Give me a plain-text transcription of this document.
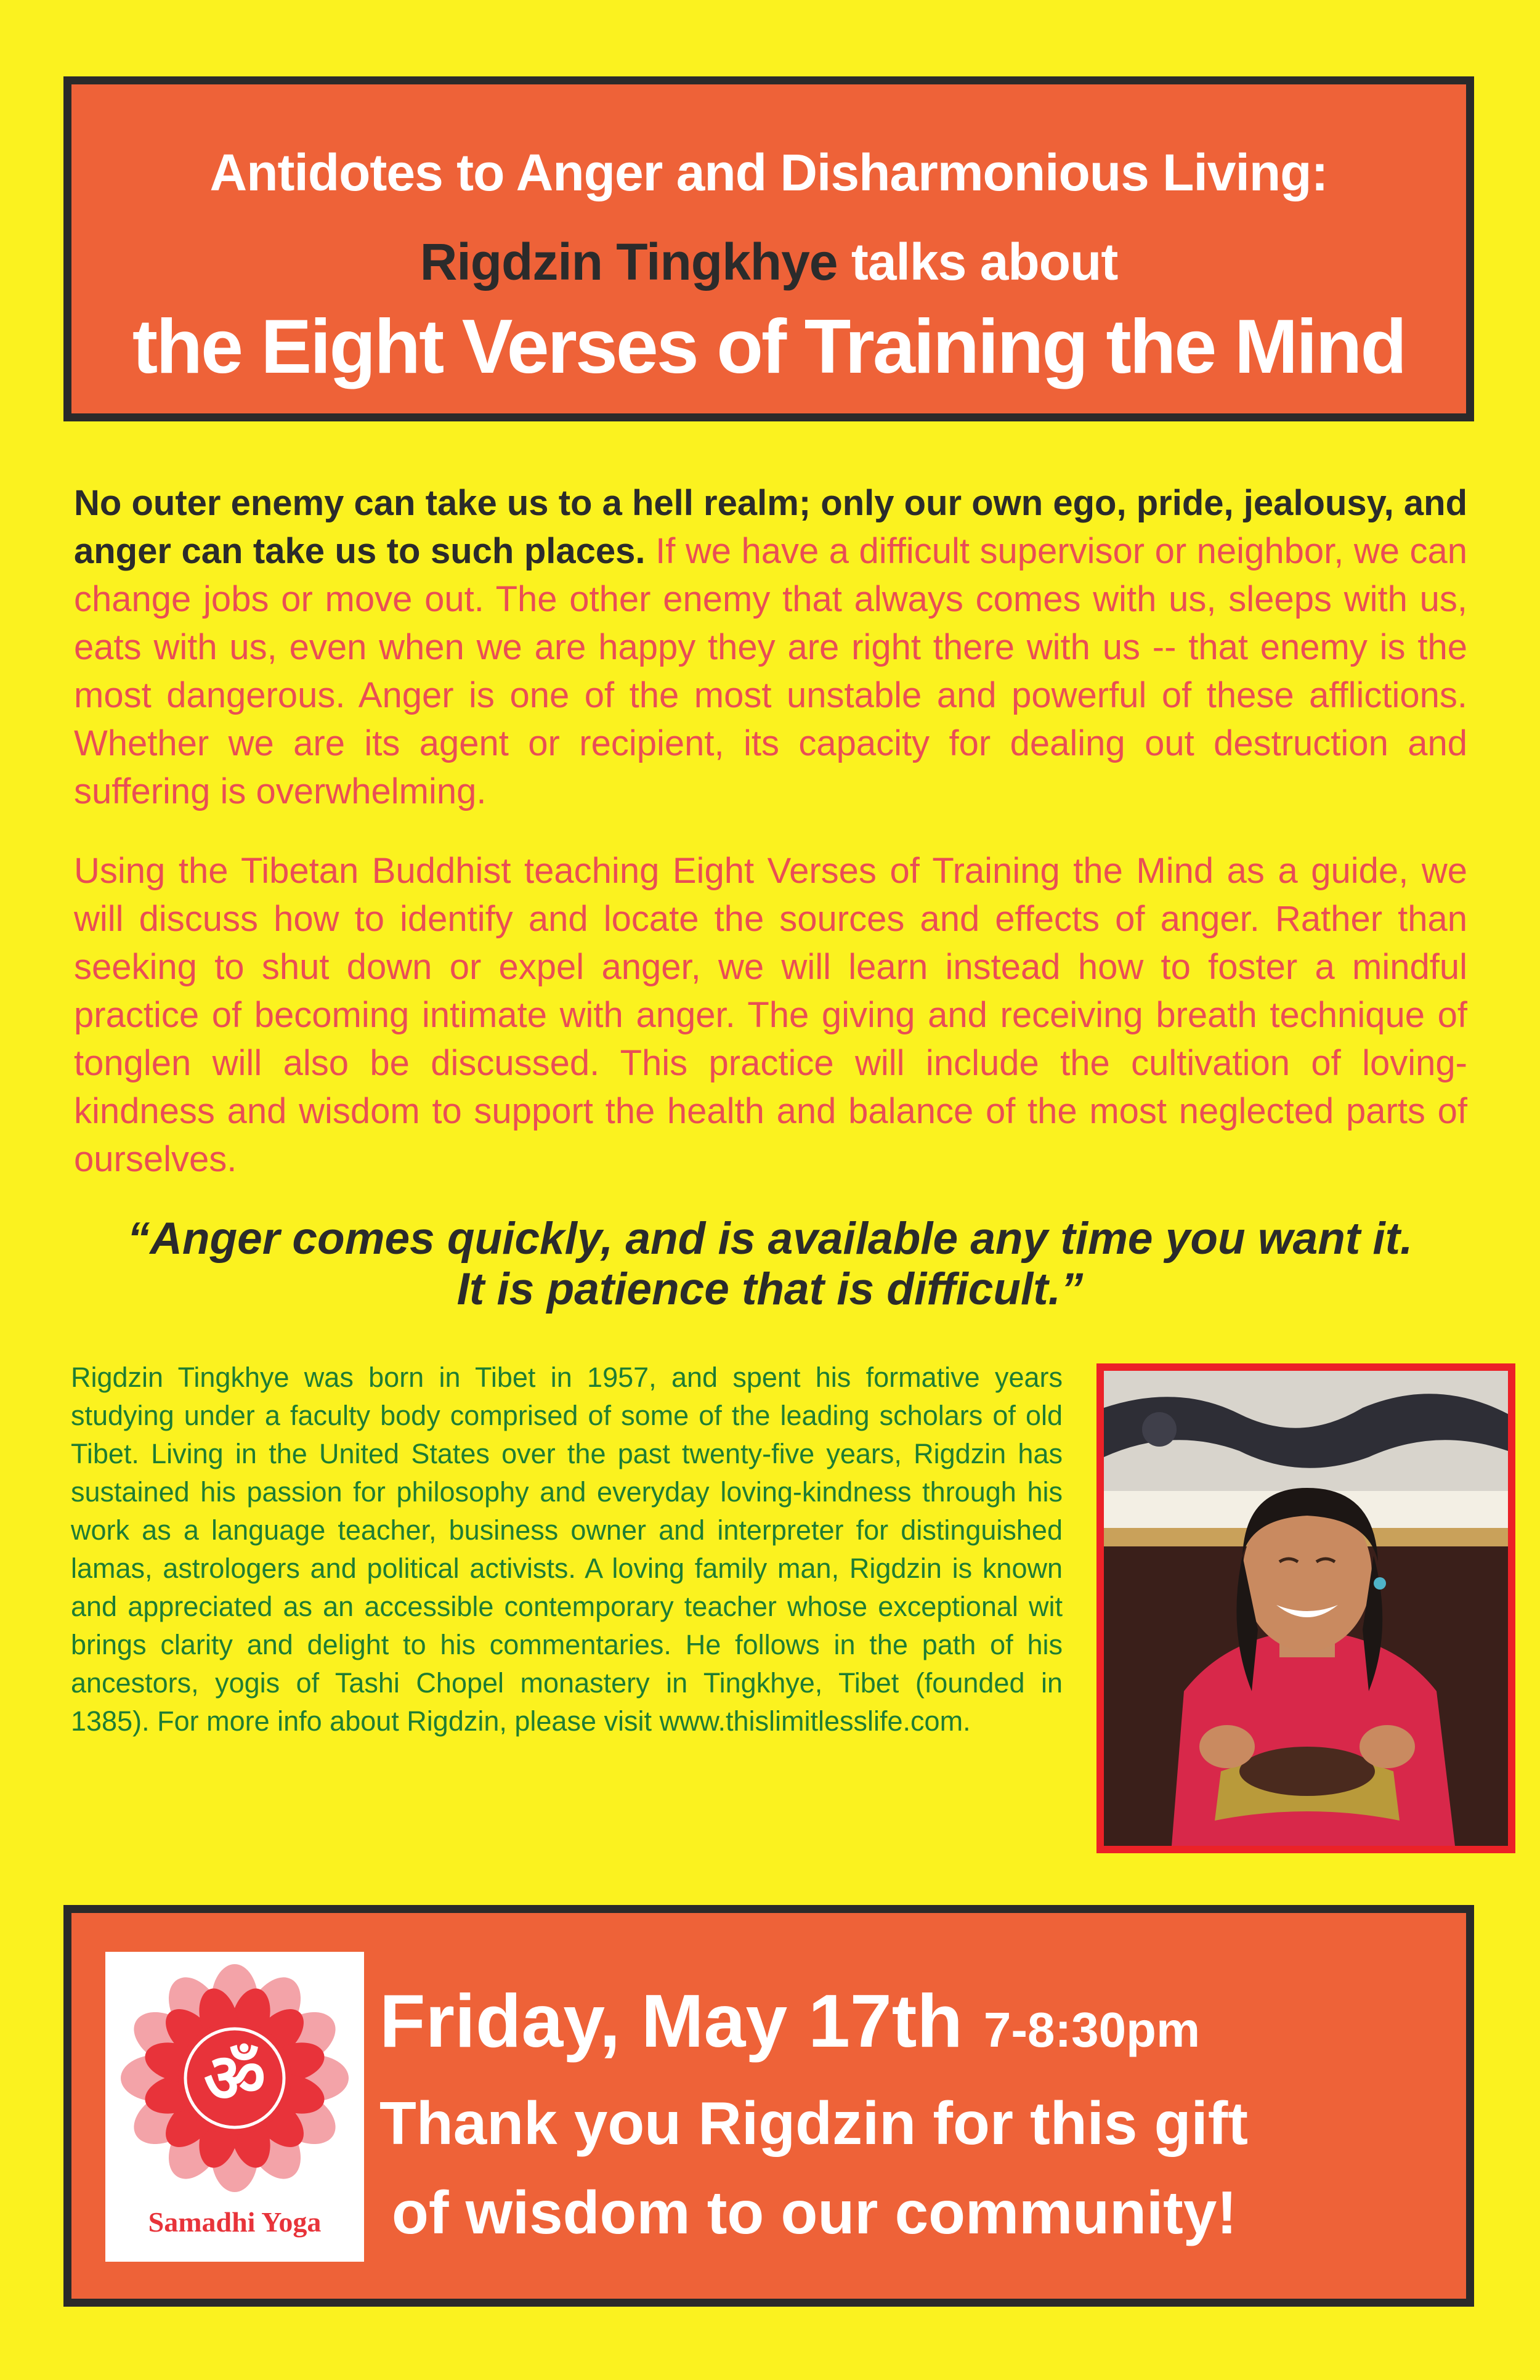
Antidotes to Anger and Disharmonious Living:
Rigdzin Tingkhye talks about
the Eight Verses of Training the Mind

No outer enemy can take us to a hell realm; only our own ego, pride, jealousy, and anger can take us to such places. If we have a difficult supervisor or neighbor, we can change jobs or move out. The other enemy that always comes with us, sleeps with us, eats with us, even when we are happy they are right there with us -- that enemy is the most dangerous. Anger is one of the most unstable and powerful of these afflictions. Whether we are its agent or recipient, its capacity for dealing out destruction and suffering is overwhelming.

Using the Tibetan Buddhist teaching Eight Verses of Training the Mind as a guide, we will discuss how to identify and locate the sources and effects of anger. Rather than seeking to shut down or expel anger, we will learn instead how to foster a mindful practice of becoming intimate with anger. The giving and receiving breath technique of tonglen will also be discussed. This practice will include the cultivation of loving-kindness and wisdom to support the health and balance of the most neglected parts of ourselves.

“Anger comes quickly, and is available any time you want it.
It is patience that is difficult.”

Rigdzin Tingkhye was born in Tibet in 1957, and spent his formative years studying under a faculty body comprised of some of the leading scholars of old Tibet. Living in the United States over the past twenty-five years, Rigdzin has sustained his passion for philosophy and everyday loving-kindness through his work as a language teacher, business owner and interpreter for distinguished lamas, astrologers and political activists. A loving family man, Rigdzin is known and appreciated as an accessible contemporary teacher whose exceptional wit brings clarity and delight to his commentaries. He follows in the path of his ancestors, yogis of Tashi Chopel monastery in Tingkhye, Tibet (founded in 1385). For more info about Rigdzin, please visit www.thislimitlesslife.com.

ॐ
Samadhi Yoga
Friday, May 17th 7-8:30pm
Thank you Rigdzin for this gift
of wisdom to our community!
